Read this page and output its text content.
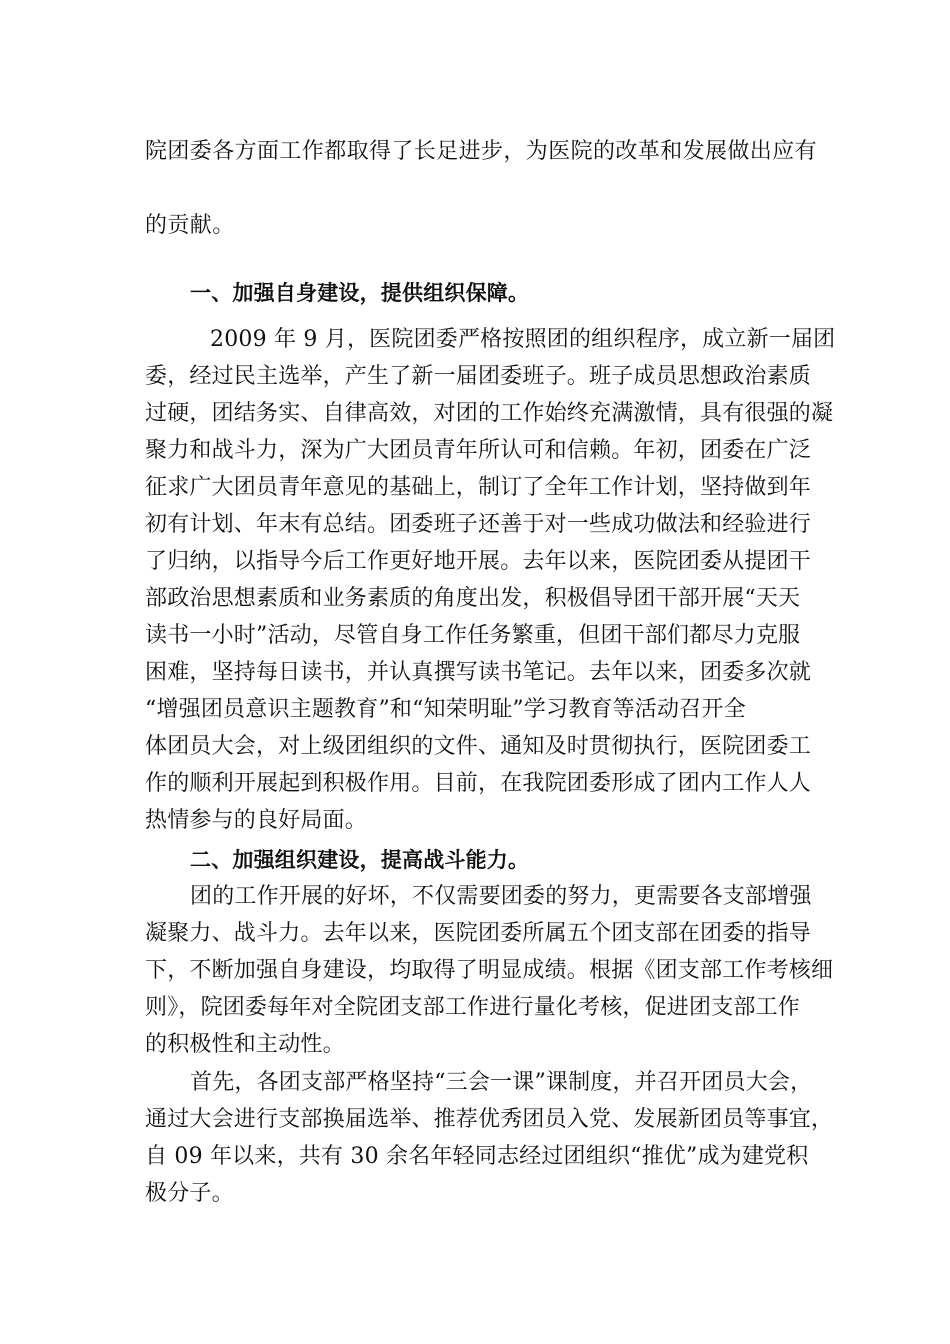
院团委各方面工作都取得了长足进步，为医院的改革和发展做出应有
的贡献。
一、加强自身建设，提供组织保障。
2009 年 9 月，医院团委严格按照团的组织程序，成立新一届团
委，经过民主选举，产生了新一届团委班子。班子成员思想政治素质
过硬，团结务实、自律高效，对团的工作始终充满激情，具有很强的凝
聚力和战斗力，深为广大团员青年所认可和信赖。年初，团委在广泛
征求广大团员青年意见的基础上，制订了全年工作计划，坚持做到年
初有计划、年末有总结。团委班子还善于对一些成功做法和经验进行
了归纳，以指导今后工作更好地开展。去年以来，医院团委从提团干
部政治思想素质和业务素质的角度出发，积极倡导团干部开展“天天
读书一小时”活动，尽管自身工作任务繁重，但团干部们都尽力克服
困难，坚持每日读书，并认真撰写读书笔记。去年以来，团委多次就
“增强团员意识主题教育”和“知荣明耻”学习教育等活动召开全
体团员大会，对上级团组织的文件、通知及时贯彻执行，医院团委工
作的顺利开展起到积极作用。目前，在我院团委形成了团内工作人人
热情参与的良好局面。
二、加强组织建设，提高战斗能力。
团的工作开展的好坏，不仅需要团委的努力，更需要各支部增强
凝聚力、战斗力。去年以来，医院团委所属五个团支部在团委的指导
下，不断加强自身建设，均取得了明显成绩。根据《团支部工作考核细
则》，院团委每年对全院团支部工作进行量化考核，促进团支部工作
的积极性和主动性。
首先，各团支部严格坚持“三会一课”课制度，并召开团员大会，
通过大会进行支部换届选举、推荐优秀团员入党、发展新团员等事宜，
自 09 年以来，共有 30 余名年轻同志经过团组织“推优”成为建党积
极分子。
